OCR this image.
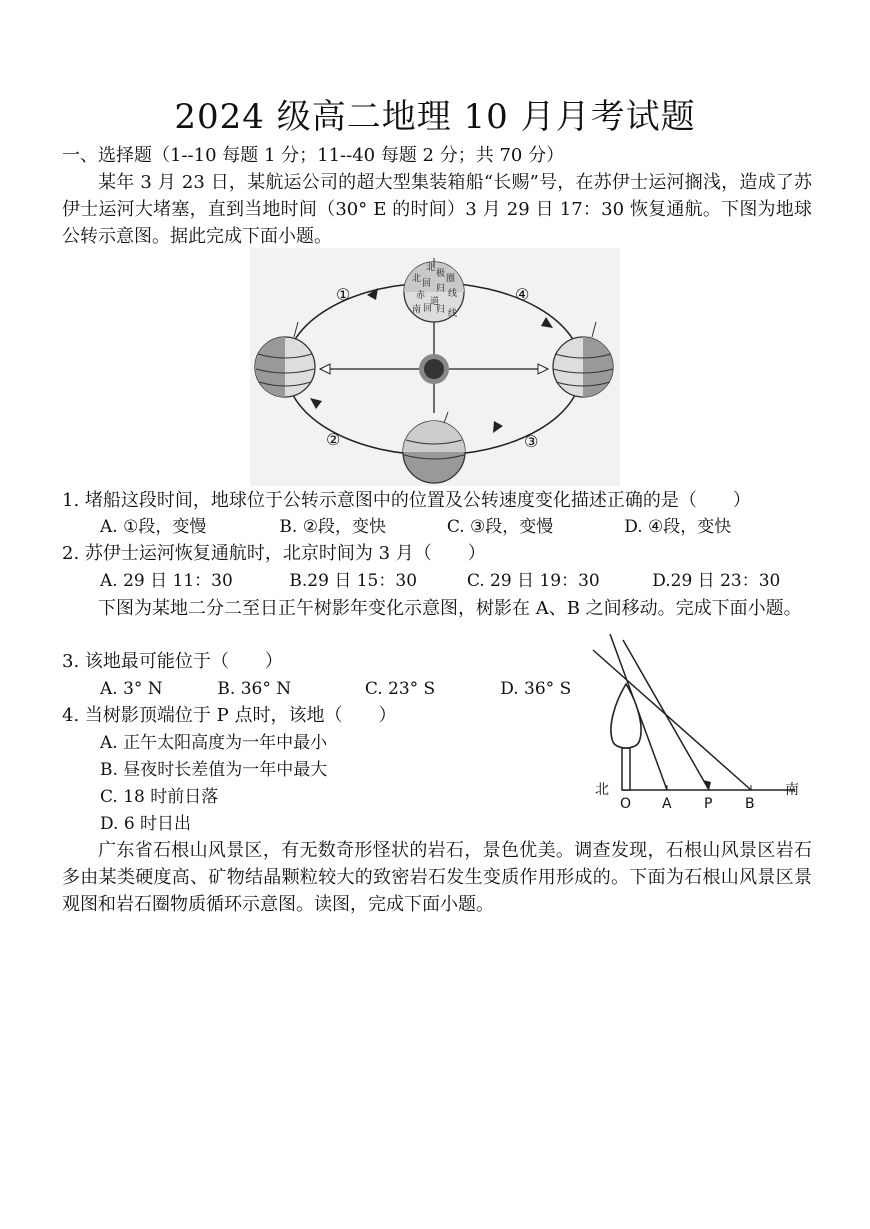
2024 级高二地理 10 月月考试题
一、选择题（1--10 每题 1 分；11--40 每题 2 分；共 70 分）
某年 3 月 23 日，某航运公司的超大型集装箱船“长赐”号，在苏伊士运河搁浅，造成了苏伊士运河大堵塞，直到当地时间（30° E 的时间）3 月 29 日 17：30 恢复通航。下图为地球公转示意图。据此完成下面小题。
北
极 圈
北 回 归 线
赤
道
南 回 归 线
①
②	③
④
1. 堵船这段时间，地球位于公转示意图中的位置及公转速度变化描述正确的是（　　）
A. ①段，变慢	B. ②段，变快	C. ③段，变慢	D. ④段，变快
2. 苏伊士运河恢复通航时，北京时间为 3 月（　　）
A. 29 日 11：30	B.29 日 15：30	C. 29 日 19：30	D.29 日 23：30
下图为某地二分二至日正午树影年变化示意图，树影在 A、B 之间移动。完成下面小题。
3. 该地最可能位于（　　）
A. 3° N	B. 36° N	C. 23° S	D. 36° S
4. 当树影顶端位于 P 点时，该地（　　）
A. 正午太阳高度为一年中最小
B. 昼夜时长差值为一年中最大
C. 18 时前日落
D. 6 时日出
北	南
O A P B
广东省石根山风景区，有无数奇形怪状的岩石，景色优美。调查发现，石根山风景区岩石多由某类硬度高、矿物结晶颗粒较大的致密岩石发生变质作用形成的。下面为石根山风景区景观图和岩石圈物质循环示意图。读图，完成下面小题。
